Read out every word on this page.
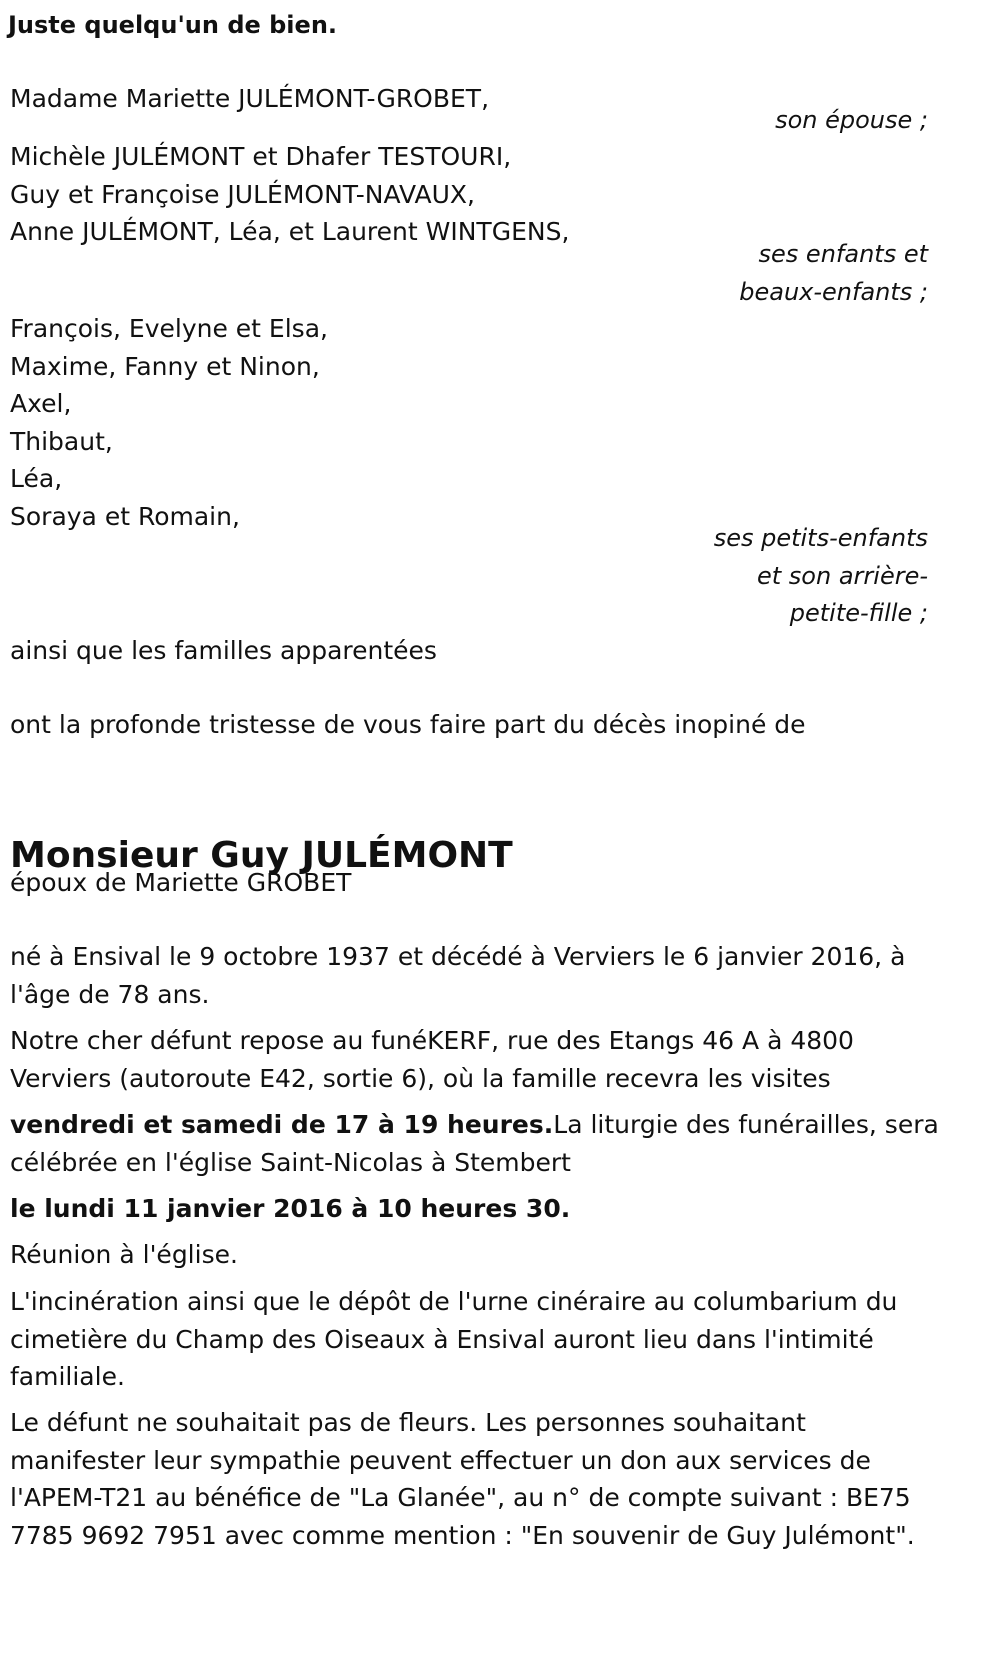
Juste quelqu'un de bien.
Madame Mariette JULÉMONT-GROBET,
son épouse ;
Michèle JULÉMONT et Dhafer TESTOURI,
Guy et Françoise JULÉMONT-NAVAUX,
Anne JULÉMONT, Léa, et Laurent WINTGENS,
ses enfants et
beaux-enfants ;
François, Evelyne et Elsa,
Maxime, Fanny et Ninon,
Axel,
Thibaut,
Léa,
Soraya et Romain,
ses petits-enfants
et son arrière-
petite-fille ;
ainsi que les familles apparentées
ont la profonde tristesse de vous faire part du décès inopiné de
Monsieur Guy JULÉMONT
époux de Mariette GROBET
né à Ensival le 9 octobre 1937 et décédé à Verviers le 6 janvier 2016, à
l'âge de 78 ans.
Notre cher défunt repose au funéKERF, rue des Etangs 46 A à 4800
Verviers (autoroute E42, sortie 6), où la famille recevra les visites
vendredi et samedi de 17 à 19 heures.La liturgie des funérailles, sera
célébrée en l'église Saint-Nicolas à Stembert
le lundi 11 janvier 2016 à 10 heures 30.
Réunion à l'église.
L'incinération ainsi que le dépôt de l'urne cinéraire au columbarium du
cimetière du Champ des Oiseaux à Ensival auront lieu dans l'intimité
familiale.
Le défunt ne souhaitait pas de fleurs. Les personnes souhaitant
manifester leur sympathie peuvent effectuer un don aux services de
l'APEM-T21 au bénéfice de "La Glanée", au n° de compte suivant : BE75
7785 9692 7951 avec comme mention : "En souvenir de Guy Julémont".
